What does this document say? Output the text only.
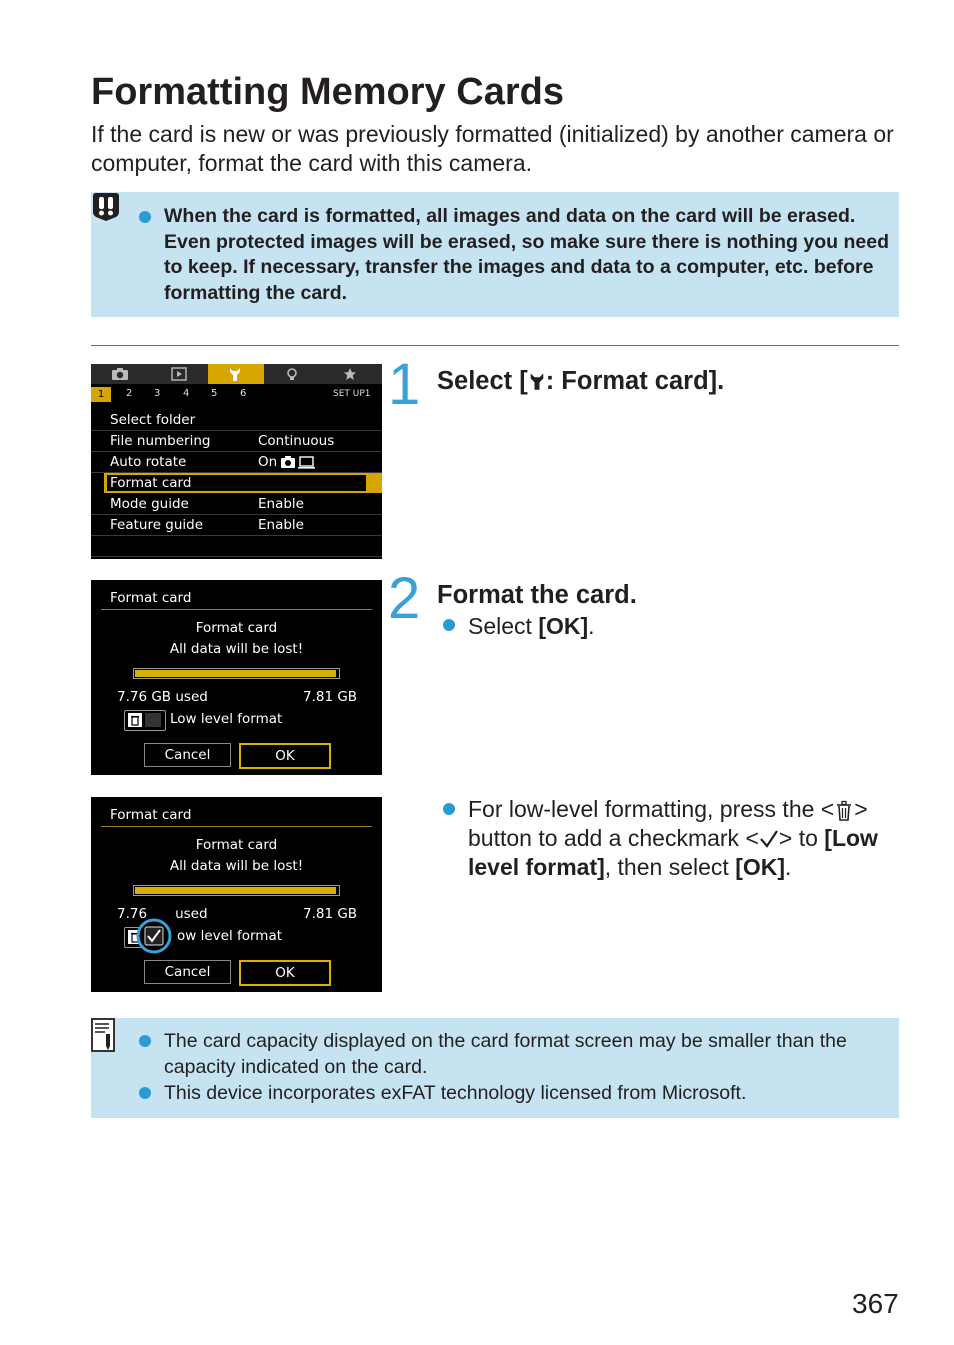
Formatting Memory Cards

If the card is new or was previously formatted (initialized) by another camera or computer, format the card with this camera.

When the card is formatted, all images and data on the card will be erased. Even protected images will be erased, so make sure there is nothing you need to keep. If necessary, transfer the images and data to a computer, etc. before formatting the card.

1	2 3 4 5 6	SET UP1
Select folder
File numbering	Continuous
Auto rotate	On
Format card
Mode guide	Enable
Feature guide	Enable
1 Select [ : Format card].

Format card
Format card
All data will be lost!
7.76 GB used	7.81 GB
Low level format
Cancel	OK
2 Format the card.

Select [OK].

Format card
Format card
All data will be lost!
7.76 used	7.81 GB
ow level format
Cancel	OK

For low-level formatting, press the < > button to add a checkmark < > to [Low level format], then select [OK].

The card capacity displayed on the card format screen may be smaller than the capacity indicated on the card.

This device incorporates exFAT technology licensed from Microsoft.

367
